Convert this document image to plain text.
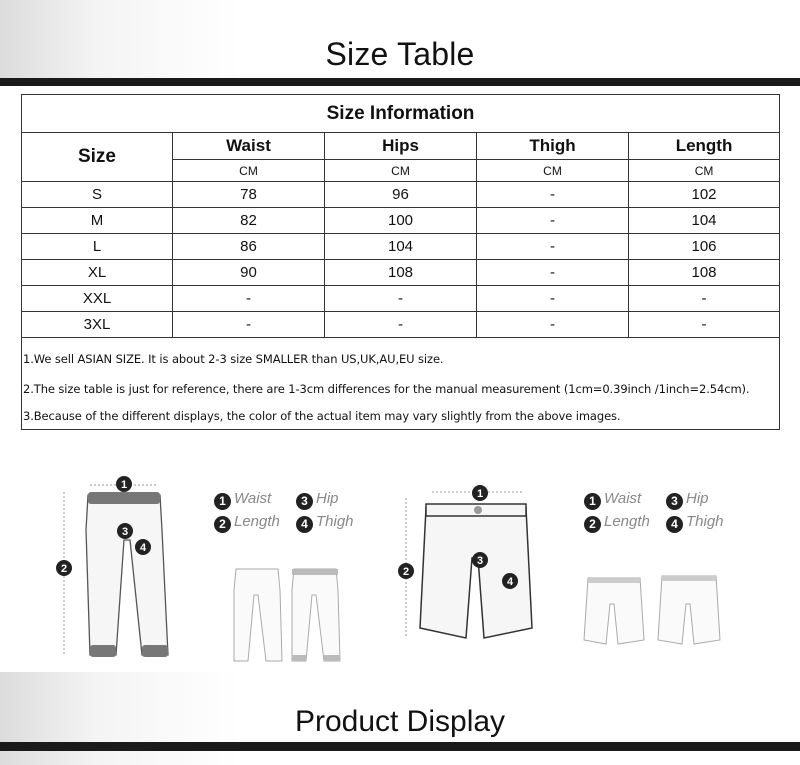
Size Table
Size Information				
Size	Waist	Hips	Thigh	Length
	CM	CM	CM	CM
S	78	96	-	102
M	82	100	-	104
L	86	104	-	106
XL	90	108	-	108
XXL	-	-	-	-
3XL	-	-	-	-

1.We sell ASIAN SIZE. It is about 2-3 size SMALLER than US,UK,AU,EU size.
2.The size table is just for reference, there are 1-3cm differences for the manual measurement (1cm=0.39inch /1inch=2.54cm).
3.Because of the different displays, the color of the actual item may vary slightly from the above images.				
1
2
3
4
1 Waist	3 Hip
2 Length	4 Thigh
1
2
3
4
1 Waist	3 Hip
2 Length	4 Thigh
Product Display
